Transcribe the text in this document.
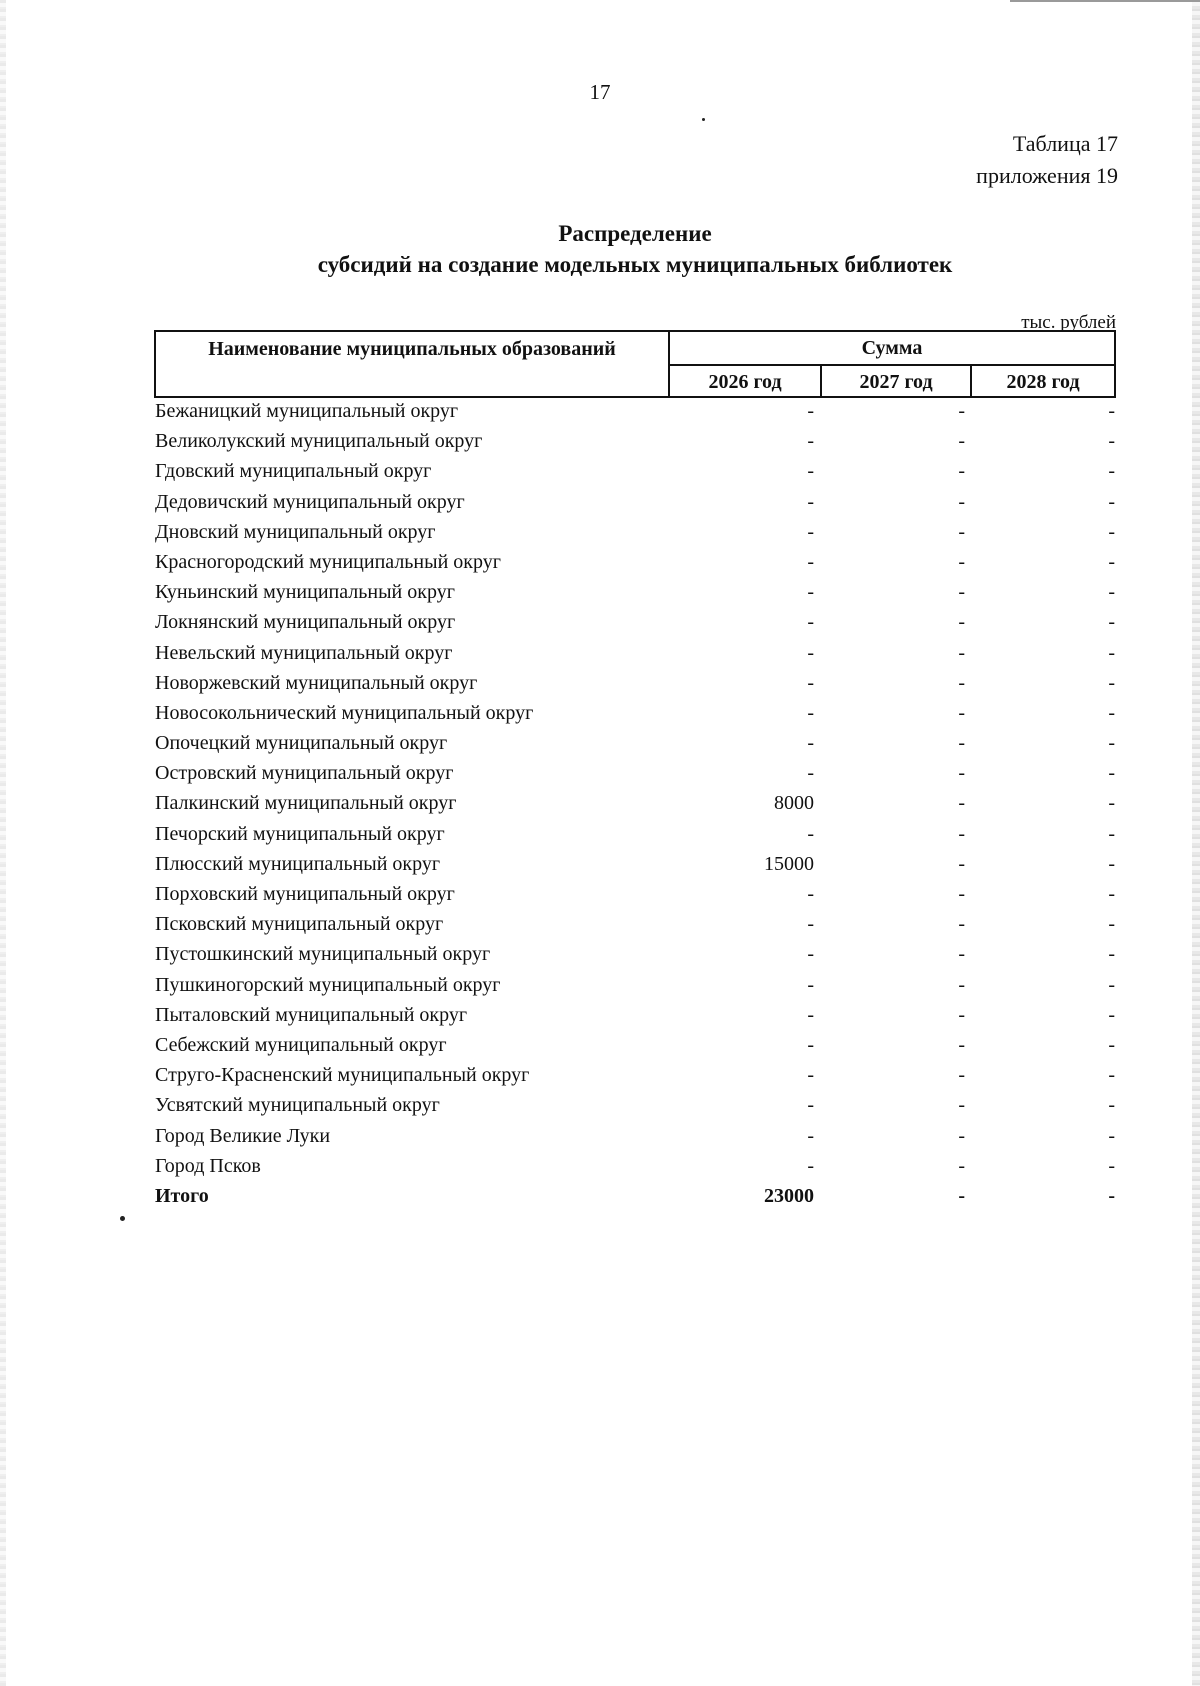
17
Таблица 17
приложения 19
Распределение
субсидий на создание модельных муниципальных библиотек
тыс. рублей
Наименование муниципальных образований	Сумма
2026 год	2027 год	2028 год
Бежаницкий муниципальный округ	-	-	-
Великолукский муниципальный округ	-	-	-
Гдовский муниципальный округ	-	-	-
Дедовичский муниципальный округ	-	-	-
Дновский муниципальный округ	-	-	-
Красногородский муниципальный округ	-	-	-
Куньинский муниципальный округ	-	-	-
Локнянский муниципальный округ	-	-	-
Невельский муниципальный округ	-	-	-
Новоржевский муниципальный округ	-	-	-
Новосокольнический муниципальный округ	-	-	-
Опочецкий муниципальный округ	-	-	-
Островский муниципальный округ	-	-	-
Палкинский муниципальный округ	8000	-	-
Печорский муниципальный округ	-	-	-
Плюсский муниципальный округ	15000	-	-
Порховский муниципальный округ	-	-	-
Псковский муниципальный округ	-	-	-
Пустошкинский муниципальный округ	-	-	-
Пушкиногорский муниципальный округ	-	-	-
Пыталовский муниципальный округ	-	-	-
Себежский муниципальный округ	-	-	-
Струго-Красненский муниципальный округ	-	-	-
Усвятский муниципальный округ	-	-	-
Город Великие Луки	-	-	-
Город Псков	-	-	-
Итого	23000	-	-
